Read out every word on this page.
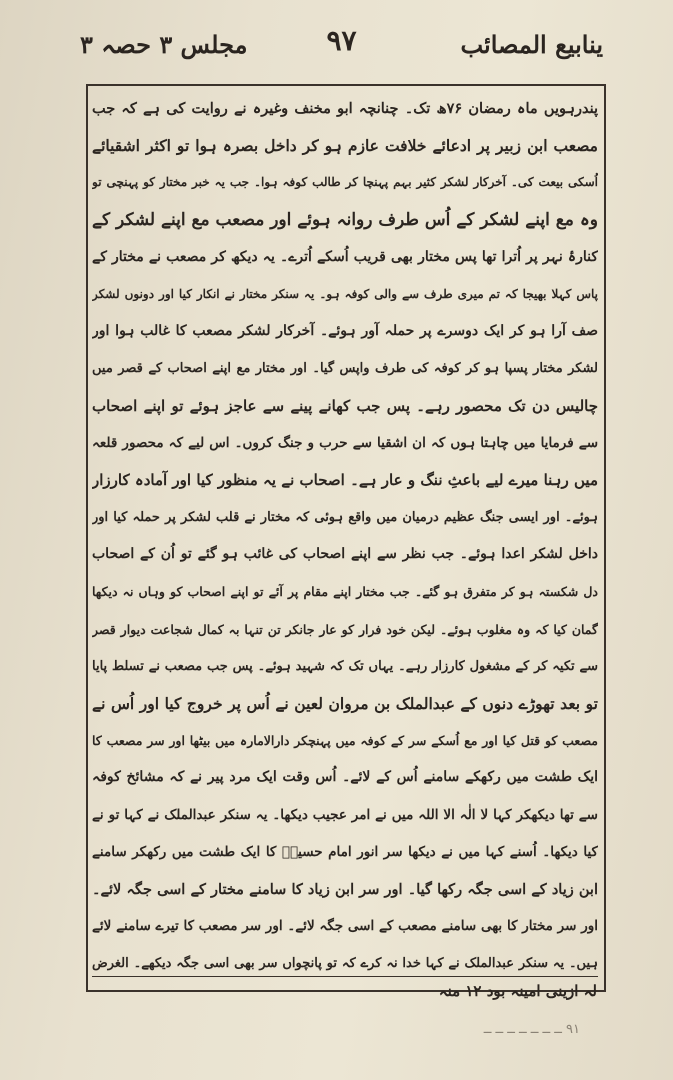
ینابیع المصائب
۹۷
مجلس ۳ حصہ ۳
پندرہویں ماہ رمضان ۷۶ھ تک۔ چنانچہ ابو مخنف وغیرہ نے روایت کی ہے کہ جب
مصعب ابن زبیر پر ادعائے خلافت عازم ہو کر داخل بصرہ ہوا تو اکثر اشقیائے
اُسکی بیعت کی۔ آخرکار لشکر کثیر بہم پہنچا کر طالب کوفہ ہوا۔ جب یہ خبر مختار کو پہنچی تو
وہ مع اپنے لشکر کے اُس طرف روانہ ہوئے اور مصعب مع اپنے لشکر کے
کنارۂ نہر پر اُترا تھا پس مختار بھی قریب اُسکے اُترے۔ یہ دیکھ کر مصعب نے مختار کے
پاس کہلا بھیجا کہ تم میری طرف سے والی کوفہ ہو۔ یہ سنکر مختار نے انکار کیا اور دونوں لشکر
صف آرا ہو کر ایک دوسرے پر حملہ آور ہوئے۔ آخرکار لشکر مصعب کا غالب ہوا اور
لشکر مختار پسپا ہو کر کوفہ کی طرف واپس گیا۔ اور مختار مع اپنے اصحاب کے قصر میں
چالیس دن تک محصور رہے۔ پس جب کھانے پینے سے عاجز ہوئے تو اپنے اصحاب
سے فرمایا میں چاہتا ہوں کہ ان اشقیا سے حرب و جنگ کروں۔ اس لیے کہ محصور قلعہ
میں رہنا میرے لیے باعثِ ننگ و عار ہے۔ اصحاب نے یہ منظور کیا اور آمادہ کارزار
ہوئے۔ اور ایسی جنگ عظیم درمیان میں واقع ہوئی کہ مختار نے قلب لشکر پر حملہ کیا اور
داخل لشکر اعدا ہوئے۔ جب نظر سے اپنے اصحاب کی غائب ہو گئے تو اُن کے اصحاب
دل شکستہ ہو کر متفرق ہو گئے۔ جب مختار اپنے مقام پر آئے تو اپنے اصحاب کو وہاں نہ دیکھا
گمان کیا کہ وہ مغلوب ہوئے۔ لیکن خود فرار کو عار جانکر تن تنہا بہ کمال شجاعت دیوار قصر
سے تکیہ کر کے مشغول کارزار رہے۔ یہاں تک کہ شہید ہوئے۔ پس جب مصعب نے تسلط پایا
تو بعد تھوڑے دنوں کے عبدالملک بن مروان لعین نے اُس پر خروج کیا اور اُس نے
مصعب کو قتل کیا اور مع اُسکے سر کے کوفہ میں پہنچکر دارالامارہ میں بیٹھا اور سر مصعب کا
ایک طشت میں رکھکے سامنے اُس کے لائے۔ اُس وقت ایک مرد پیر نے کہ مشائخ کوفہ
سے تھا دیکھکر کہا لا الٰہ الا اللہ میں نے امر عجیب دیکھا۔ یہ سنکر عبدالملک نے کہا تو نے
کیا دیکھا۔ اُسنے کہا میں نے دیکھا سر انور امام حسینؑ کا ایک طشت میں رکھکر سامنے
ابن زیاد کے اسی جگہ رکھا گیا۔ اور سر ابن زیاد کا سامنے مختار کے اسی جگہ لائے۔
اور سر مختار کا بھی سامنے مصعب کے اسی جگہ لائے۔ اور سر مصعب کا تیرے سامنے لائے
ہیں۔ یہ سنکر عبدالملک نے کہا خدا نہ کرے کہ تو پانچواں سر بھی اسی جگہ دیکھے۔ الغرض
لہ ازینی امینہ بود ۱۲ منہ
۹۱ ــ ــ ــ ــ ــ ــ ــ
